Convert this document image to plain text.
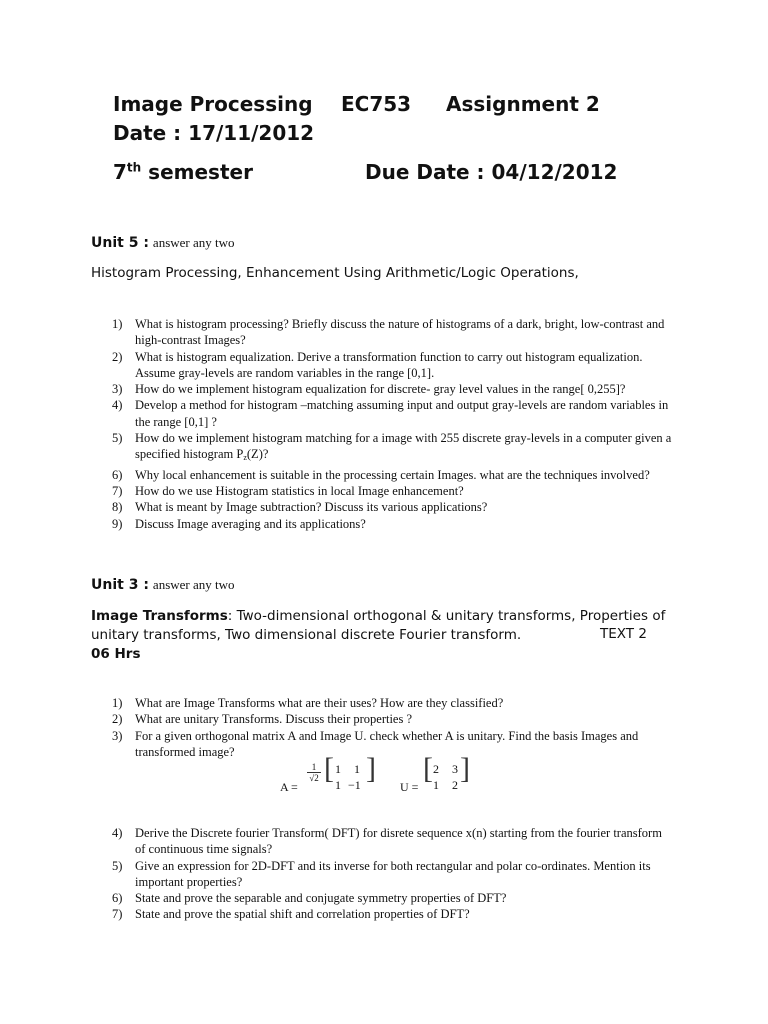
Image Processing EC753 Assignment 2
Date : 17/11/2012
7th semester	Due Date : 04/12/2012
Unit 5 : answer any two
Histogram Processing, Enhancement Using Arithmetic/Logic Operations,
1) What is histogram processing? Briefly discuss the nature of histograms of a dark, bright, low-contrast and high-contrast Images?
2) What is histogram equalization. Derive a transformation function to carry out histogram equalization. Assume gray-levels are random variables in the range [0,1].
3) How do we implement histogram equalization for discrete- gray level values in the range[ 0,255]?
4) Develop a method for histogram –matching assuming input and output gray-levels are random variables in the range [0,1] ?
5) How do we implement histogram matching for a image with 255 discrete gray-levels in a computer given a specified histogram $P_z(Z)$?
6) Why local enhancement is suitable in the processing certain Images. what are the techniques involved?
7) How do we use Histogram statistics in local Image enhancement?
8) What is meant by Image subtraction? Discuss its various applications?
9) Discuss Image averaging and its applications?
Unit 3 : answer any two
Image Transforms: Two-dimensional orthogonal & unitary transforms, Properties of unitary transforms, Two dimensional discrete Fourier transform.	TEXT 2
06 Hrs
1) What are Image Transforms what are their uses? How are they classified?
2) What are unitary Transforms. Discuss their properties ?
3) For a given orthogonal matrix A and Image U. check whether A is unitary. Find the basis Images and transformed image?
A =
1
√2 [ 1 1
1 −1 ]
U =
[ 2 3
1 2 ]
4) Derive the Discrete fourier Transform( DFT) for disrete sequence x(n) starting from the fourier transform of continuous time signals?
5) Give an expression for 2D-DFT and its inverse for both rectangular and polar co-ordinates. Mention its important properties?
6) State and prove the separable and conjugate symmetry properties of DFT?
7) State and prove the spatial shift and correlation properties of DFT?
